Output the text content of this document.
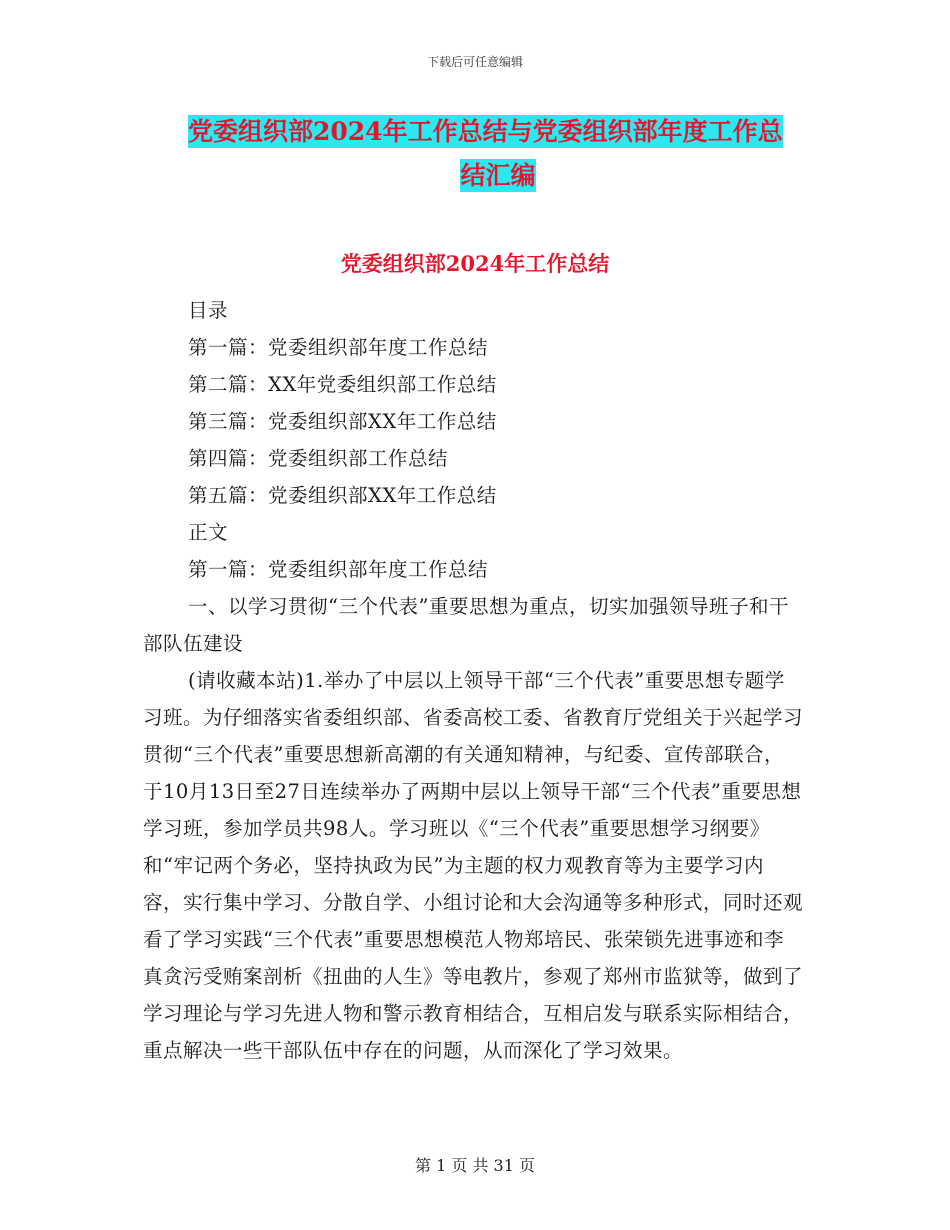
下载后可任意编辑
党委组织部2024年工作总结与党委组织部年度工作总
结汇编
党委组织部2024年工作总结

目录

第一篇：党委组织部年度工作总结

第二篇：XX年党委组织部工作总结

第三篇：党委组织部XX年工作总结

第四篇：党委组织部工作总结

第五篇：党委组织部XX年工作总结

正文

第一篇：党委组织部年度工作总结

一、以学习贯彻“三个代表”重要思想为重点，切实加强领导班子和干部队伍建设

(请收藏本站)1.举办了中层以上领导干部“三个代表”重要思想专题学习班。为仔细落实省委组织部、省委高校工委、省教育厅党组关于兴起学习贯彻“三个代表”重要思想新高潮的有关通知精神，与纪委、宣传部联合，于10月13日至27日连续举办了两期中层以上领导干部“三个代表”重要思想学习班，参加学员共98人。学习班以《“三个代表”重要思想学习纲要》和“牢记两个务必，坚持执政为民”为主题的权力观教育等为主要学习内容，实行集中学习、分散自学、小组讨论和大会沟通等多种形式，同时还观看了学习实践“三个代表”重要思想模范人物郑培民、张荣锁先进事迹和李真贪污受贿案剖析《扭曲的人生》等电教片，参观了郑州市监狱等，做到了学习理论与学习先进人物和警示教育相结合，互相启发与联系实际相结合，重点解决一些干部队伍中存在的问题，从而深化了学习效果。

第 1 页 共 31 页
